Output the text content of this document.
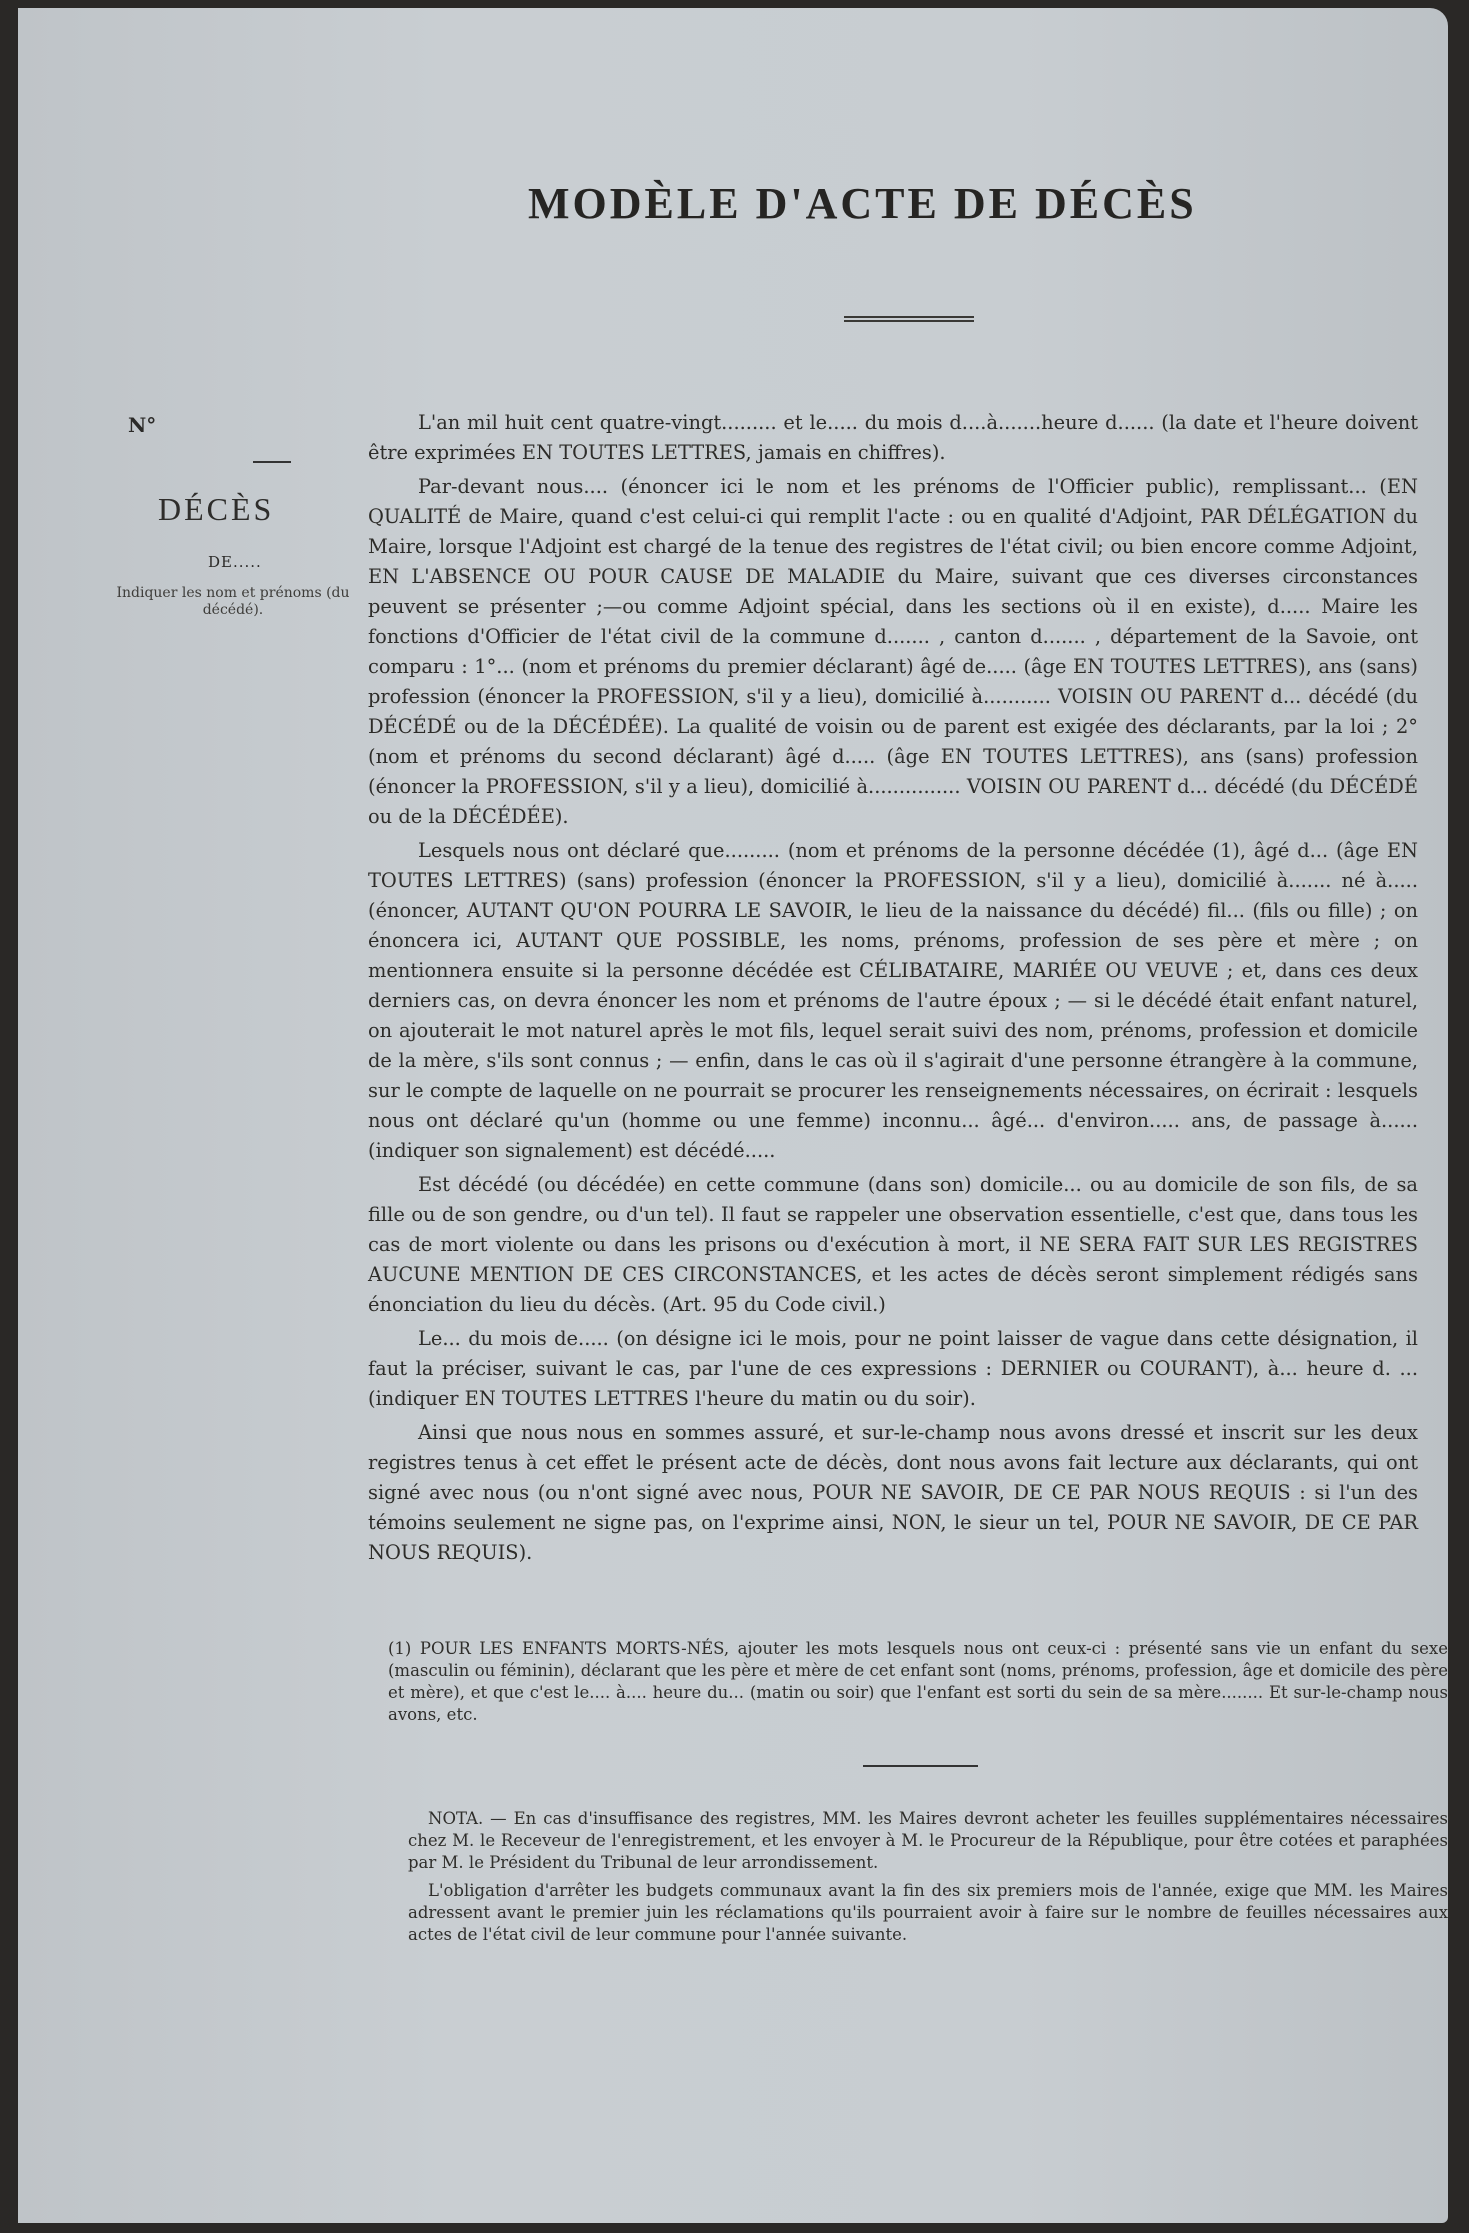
MODÈLE D'ACTE DE DÉCÈS
N°
DÉCÈS
DE.....
Indiquer les nom et prénoms (du décédé).

L'an mil huit cent quatre-vingt......... et le..... du mois d....à.......heure d...... (la date et l'heure doivent être exprimées EN TOUTES LETTRES, jamais en chiffres).

Par-devant nous.... (énoncer ici le nom et les prénoms de l'Officier public), remplissant... (EN QUALITÉ de Maire, quand c'est celui-ci qui remplit l'acte : ou en qualité d'Adjoint, PAR DÉLÉGATION du Maire, lorsque l'Adjoint est chargé de la tenue des registres de l'état civil; ou bien encore comme Adjoint, EN L'ABSENCE OU POUR CAUSE DE MALADIE du Maire, suivant que ces diverses circonstances peuvent se présenter ;—ou comme Adjoint spécial, dans les sections où il en existe), d..... Maire les fonctions d'Officier de l'état civil de la commune d....... , canton d....... , département de la Savoie, ont comparu : 1°... (nom et prénoms du premier déclarant) âgé de..... (âge EN TOUTES LETTRES), ans (sans) profession (énoncer la PROFESSION, s'il y a lieu), domicilié à........... VOISIN OU PARENT d... décédé (du DÉCÉDÉ ou de la DÉCÉDÉE). La qualité de voisin ou de parent est exigée des déclarants, par la loi ; 2° (nom et prénoms du second déclarant) âgé d..... (âge EN TOUTES LETTRES), ans (sans) profession (énoncer la PROFESSION, s'il y a lieu), domicilié à............... VOISIN OU PARENT d... décédé (du DÉCÉDÉ ou de la DÉCÉDÉE).

Lesquels nous ont déclaré que......... (nom et prénoms de la personne décédée (1), âgé d... (âge EN TOUTES LETTRES) (sans) profession (énoncer la PROFESSION, s'il y a lieu), domicilié à....... né à..... (énoncer, AUTANT QU'ON POURRA LE SAVOIR, le lieu de la naissance du décédé) fil... (fils ou fille) ; on énoncera ici, AUTANT QUE POSSIBLE, les noms, prénoms, profession de ses père et mère ; on mentionnera ensuite si la personne décédée est CÉLIBATAIRE, MARIÉE OU VEUVE ; et, dans ces deux derniers cas, on devra énoncer les nom et prénoms de l'autre époux ; — si le décédé était enfant naturel, on ajouterait le mot naturel après le mot fils, lequel serait suivi des nom, prénoms, profession et domicile de la mère, s'ils sont connus ; — enfin, dans le cas où il s'agirait d'une personne étrangère à la commune, sur le compte de laquelle on ne pourrait se procurer les renseignements nécessaires, on écrirait : lesquels nous ont déclaré qu'un (homme ou une femme) inconnu... âgé... d'environ..... ans, de passage à...... (indiquer son signalement) est décédé.....

Est décédé (ou décédée) en cette commune (dans son) domicile... ou au domicile de son fils, de sa fille ou de son gendre, ou d'un tel). Il faut se rappeler une observation essentielle, c'est que, dans tous les cas de mort violente ou dans les prisons ou d'exécution à mort, il NE SERA FAIT SUR LES REGISTRES AUCUNE MENTION DE CES CIRCONSTANCES, et les actes de décès seront simplement rédigés sans énonciation du lieu du décès. (Art. 95 du Code civil.)

Le... du mois de..... (on désigne ici le mois, pour ne point laisser de vague dans cette désignation, il faut la préciser, suivant le cas, par l'une de ces expressions : DERNIER ou COURANT), à... heure d. ... (indiquer EN TOUTES LETTRES l'heure du matin ou du soir).

Ainsi que nous nous en sommes assuré, et sur-le-champ nous avons dressé et inscrit sur les deux registres tenus à cet effet le présent acte de décès, dont nous avons fait lecture aux déclarants, qui ont signé avec nous (ou n'ont signé avec nous, POUR NE SAVOIR, DE CE PAR NOUS REQUIS : si l'un des témoins seulement ne signe pas, on l'exprime ainsi, NON, le sieur un tel, POUR NE SAVOIR, DE CE PAR NOUS REQUIS).

(1) POUR LES ENFANTS MORTS-NÉS, ajouter les mots lesquels nous ont ceux-ci : présenté sans vie un enfant du sexe (masculin ou féminin), déclarant que les père et mère de cet enfant sont (noms, prénoms, profession, âge et domicile des père et mère), et que c'est le.... à.... heure du... (matin ou soir) que l'enfant est sorti du sein de sa mère........ Et sur-le-champ nous avons, etc.

NOTA. — En cas d'insuffisance des registres, MM. les Maires devront acheter les feuilles supplémentaires nécessaires chez M. le Receveur de l'enregistrement, et les envoyer à M. le Procureur de la République, pour être cotées et paraphées par M. le Président du Tribunal de leur arrondissement.

L'obligation d'arrêter les budgets communaux avant la fin des six premiers mois de l'année, exige que MM. les Maires adressent avant le premier juin les réclamations qu'ils pourraient avoir à faire sur le nombre de feuilles nécessaires aux actes de l'état civil de leur commune pour l'année suivante.
